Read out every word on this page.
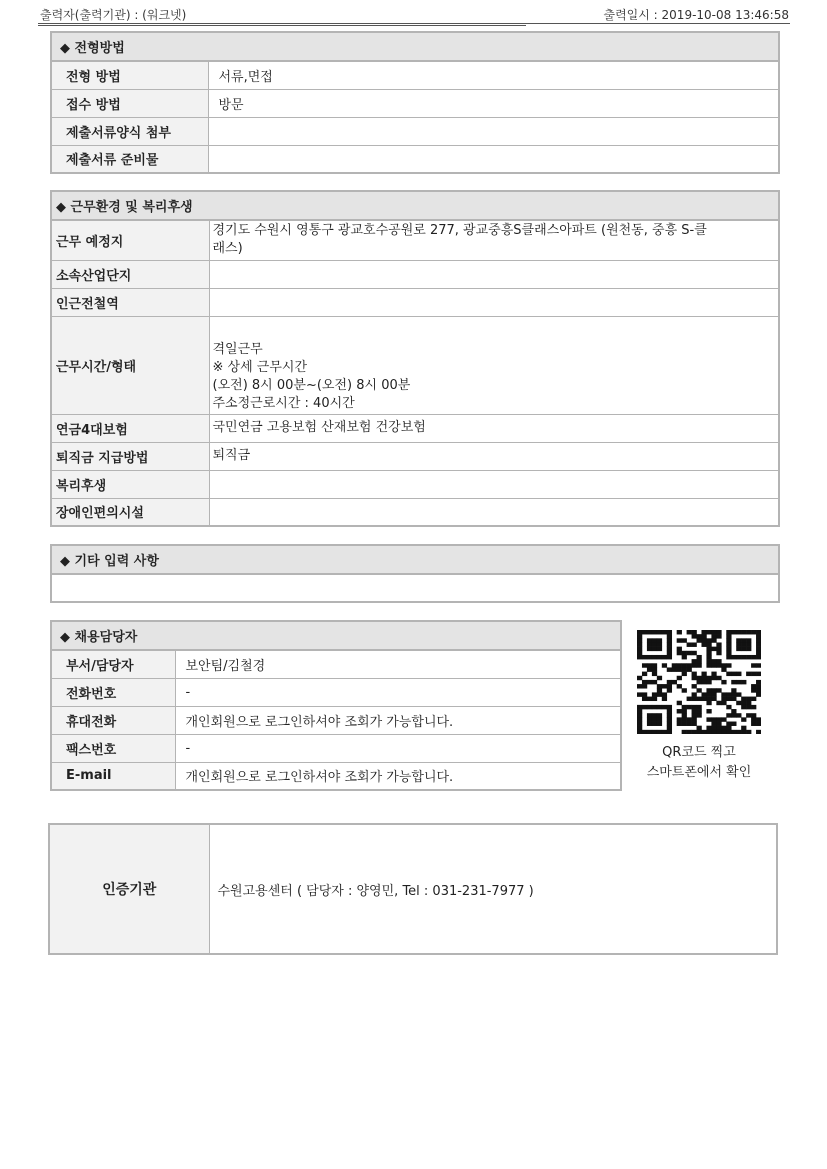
출력자(출력기관) : (워크넷)	출력일시 : 2019-10-08 13:46:58
◆ 전형방법	
전형 방법	서류,면접
접수 방법	방문
제출서류양식 첨부	
제출서류 준비물	
◆ 근무환경 및 복리후생	
근무 예정지	경기도 수원시 영통구 광교호수공원로 277, 광교중흥S클래스아파트 (원천동, 중흥 S-클
래스)

소속산업단지	
인근전철역	
근무시간/형태	격일근무
※ 상세 근무시간
(오전) 8시 00분~(오전) 8시 00분
주소정근로시간 : 40시간

연금4대보험	국민연금 고용보험 산재보험 건강보험
퇴직금 지급방법	퇴직금
복리후생	
장애인편의시설	
◆ 기타 입력 사항

◆ 채용담당자	
부서/담당자	보안팀/김철경
전화번호	-
휴대전화	개인회원으로 로그인하셔야 조회가 가능합니다.
팩스번호	-
E-mail	개인회원으로 로그인하셔야 조회가 가능합니다.
QR코드 찍고
스마트폰에서 확인
인증기관	수원고용센터 ( 담당자 : 양영민, Tel : 031-231-7977 )
